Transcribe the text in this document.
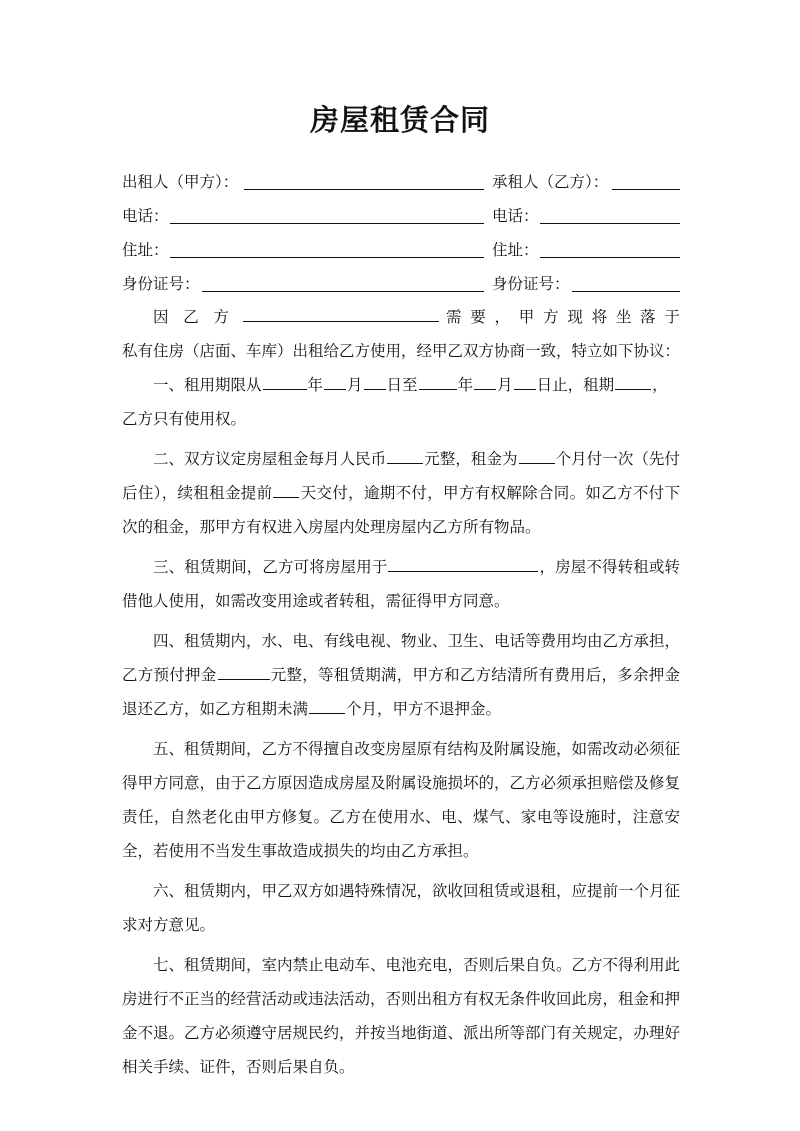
房屋租赁合同
出租人（甲方）：	承租人（乙方）：
电话：	电话：
住址：	住址：
身份证号：	身份证号：
因 乙 方	需 要 ， 甲 方 现 将 坐 落 于

私有住房（店面、车库）出租给乙方使用，经甲乙双方协商一致，特立如下协议：

一、租用期限从	年 月 日至	年 月 日止，租期 ，

乙方只有使用权。

二、双方议定房屋租金每月人民币 元整，租金为 个月付一次（先付后住），续租租金提前 天交付，逾期不付，甲方有权解除合同。如乙方不付下次的租金，那甲方有权进入房屋内处理房屋内乙方所有物品。

三、租赁期间，乙方可将房屋用于	，房屋不得转租或转借他人使用，如需改变用途或者转租，需征得甲方同意。

四、租赁期内，水、电、有线电视、物业、卫生、电话等费用均由乙方承担，乙方预付押金	元整，等租赁期满，甲方和乙方结清所有费用后，多余押金退还乙方，如乙方租期未满 个月，甲方不退押金。

五、租赁期间，乙方不得擅自改变房屋原有结构及附属设施，如需改动必须征得甲方同意，由于乙方原因造成房屋及附属设施损坏的，乙方必须承担赔偿及修复责任，自然老化由甲方修复。乙方在使用水、电、煤气、家电等设施时，注意安全，若使用不当发生事故造成损失的均由乙方承担。

六、租赁期内，甲乙双方如遇特殊情况，欲收回租赁或退租，应提前一个月征求对方意见。

七、租赁期间，室内禁止电动车、电池充电，否则后果自负。乙方不得利用此房进行不正当的经营活动或违法活动，否则出租方有权无条件收回此房，租金和押金不退。乙方必须遵守居规民约，并按当地街道、派出所等部门有关规定，办理好相关手续、证件，否则后果自负。
